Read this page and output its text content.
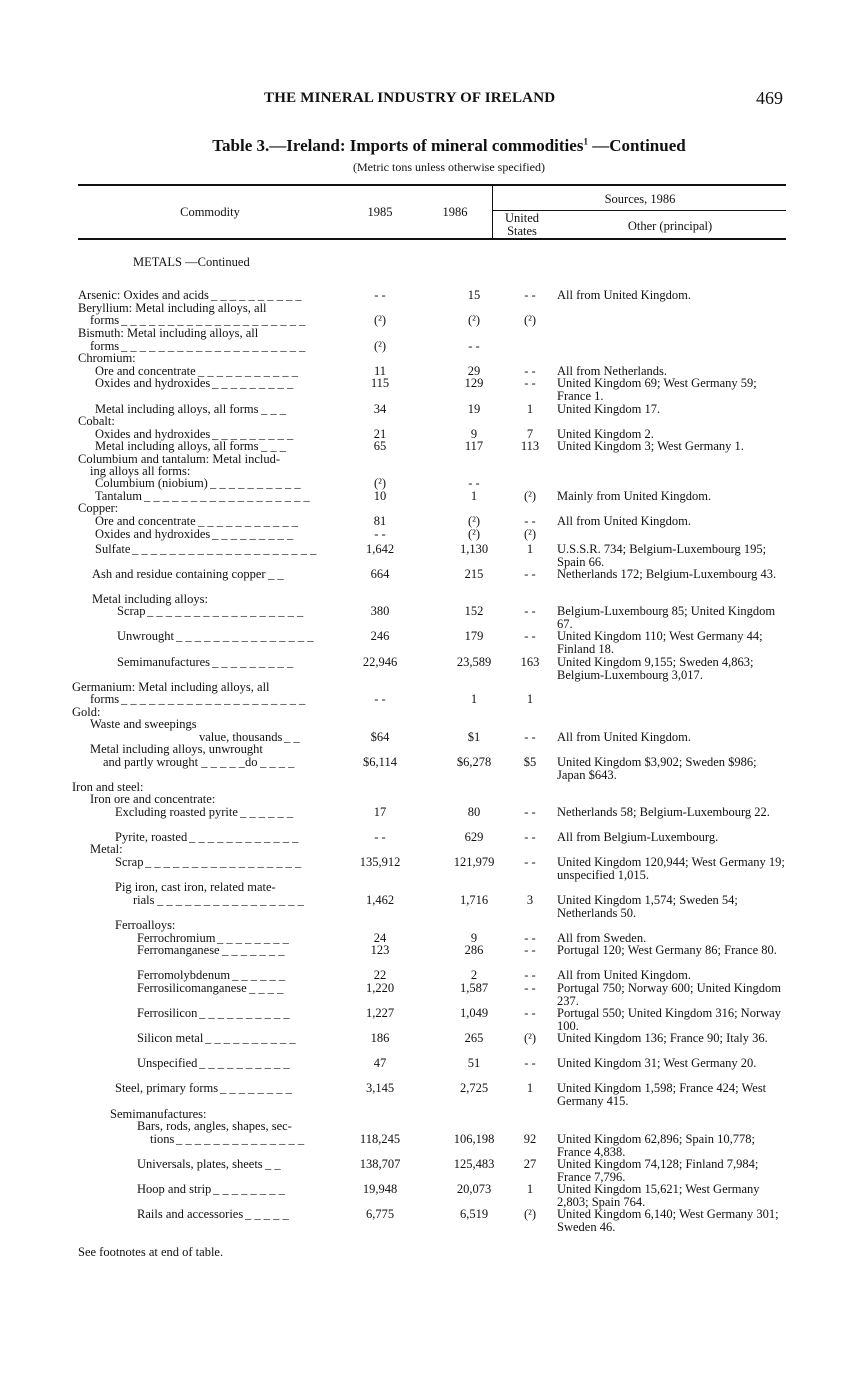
THE MINERAL INDUSTRY OF IRELAND	469
Table 3.—Ireland: Imports of mineral commodities$^1$ —Continued
(Metric tons unless otherwise specified)
Commodity	1985	1986
Sources, 1986
United
States	Other (principal)
METALS —Continued
Arsenic: Oxides and acids _ _ _ _ _ _ _ _ _ _	- -	15	- -	All from United Kingdom.
Beryllium: Metal including alloys, all
forms _ _ _ _ _ _ _ _ _ _ _ _ _ _ _ _ _ _ _ _	(²)	(²)	(²)
Bismuth: Metal including alloys, all
forms _ _ _ _ _ _ _ _ _ _ _ _ _ _ _ _ _ _ _ _	(²)	- -
Chromium:
Ore and concentrate _ _ _ _ _ _ _ _ _ _ _	11	29	- -	All from Netherlands.
Oxides and hydroxides _ _ _ _ _ _ _ _ _	115	129	- -	United Kingdom 69; West Germany 59; France 1.
Metal including alloys, all forms _ _ _	34	19	1	United Kingdom 17.
Cobalt:
Oxides and hydroxides _ _ _ _ _ _ _ _ _	21	9	7	United Kingdom 2.
Metal including alloys, all forms _ _ _	65	117	113	United Kingdom 3; West Germany 1.
Columbium and tantalum: Metal includ-
ing alloys all forms:
Columbium (niobium) _ _ _ _ _ _ _ _ _ _	(²)	- -
Tantalum _ _ _ _ _ _ _ _ _ _ _ _ _ _ _ _ _ _	10	1	(²)	Mainly from United Kingdom.
Copper:
Ore and concentrate _ _ _ _ _ _ _ _ _ _ _	81	(²)	- -	All from United Kingdom.
Oxides and hydroxides _ _ _ _ _ _ _ _ _	- -	(²)	(²)
Sulfate _ _ _ _ _ _ _ _ _ _ _ _ _ _ _ _ _ _ _ _	1,642	1,130	1	U.S.S.R. 734; Belgium-Luxembourg 195; Spain 66.
Ash and residue containing copper _ _	664	215	- -	Netherlands 172; Belgium-Luxembourg 43.
Metal including alloys:
Scrap _ _ _ _ _ _ _ _ _ _ _ _ _ _ _ _ _	380	152	- -	Belgium-Luxembourg 85; United Kingdom 67.
Unwrought _ _ _ _ _ _ _ _ _ _ _ _ _ _ _	246	179	- -	United Kingdom 110; West Germany 44; Finland 18.
Semimanufactures _ _ _ _ _ _ _ _ _	22,946	23,589	163	United Kingdom 9,155; Sweden 4,863; Belgium-Luxembourg 3,017.
Germanium: Metal including alloys, all
forms _ _ _ _ _ _ _ _ _ _ _ _ _ _ _ _ _ _ _ _	- -	1	1
Gold:
Waste and sweepings
value, thousands _ _	$64	$1	- -	All from United Kingdom.
Metal including alloys, unwrought
and partly wrought _ _ _ _ _do _ _ _ _	$6,114	$6,278	$5	United Kingdom $3,902; Sweden $986; Japan $643.
Iron and steel:
Iron ore and concentrate:
Excluding roasted pyrite _ _ _ _ _ _	17	80	- -	Netherlands 58; Belgium-Luxembourg 22.
Pyrite, roasted _ _ _ _ _ _ _ _ _ _ _ _	- -	629	- -	All from Belgium-Luxembourg.
Metal:
Scrap _ _ _ _ _ _ _ _ _ _ _ _ _ _ _ _ _	135,912	121,979	- -	United Kingdom 120,944; West Germany 19; unspecified 1,015.
Pig iron, cast iron, related mate-
rials _ _ _ _ _ _ _ _ _ _ _ _ _ _ _ _	1,462	1,716	3	United Kingdom 1,574; Sweden 54; Netherlands 50.
Ferroalloys:
Ferrochromium _ _ _ _ _ _ _ _	24	9	- -	All from Sweden.
Ferromanganese _ _ _ _ _ _ _	123	286	- -	Portugal 120; West Germany 86; France 80.
Ferromolybdenum _ _ _ _ _ _	22	2	- -	All from United Kingdom.
Ferrosilicomanganese _ _ _ _	1,220	1,587	- -	Portugal 750; Norway 600; United Kingdom 237.
Ferrosilicon _ _ _ _ _ _ _ _ _ _	1,227	1,049	- -	Portugal 550; United Kingdom 316; Norway 100.
Silicon metal _ _ _ _ _ _ _ _ _ _	186	265	(²)	United Kingdom 136; France 90; Italy 36.
Unspecified _ _ _ _ _ _ _ _ _ _	47	51	- -	United Kingdom 31; West Germany 20.
Steel, primary forms _ _ _ _ _ _ _ _	3,145	2,725	1	United Kingdom 1,598; France 424; West Germany 415.
Semimanufactures:
Bars, rods, angles, shapes, sec-
tions _ _ _ _ _ _ _ _ _ _ _ _ _ _	118,245	106,198	92	United Kingdom 62,896; Spain 10,778; France 4,838.
Universals, plates, sheets _ _	138,707	125,483	27	United Kingdom 74,128; Finland 7,984; France 7,796.
Hoop and strip _ _ _ _ _ _ _ _	19,948	20,073	1	United Kingdom 15,621; West Germany 2,803; Spain 764.
Rails and accessories _ _ _ _ _	6,775	6,519	(²)	United Kingdom 6,140; West Germany 301; Sweden 46.
See footnotes at end of table.
